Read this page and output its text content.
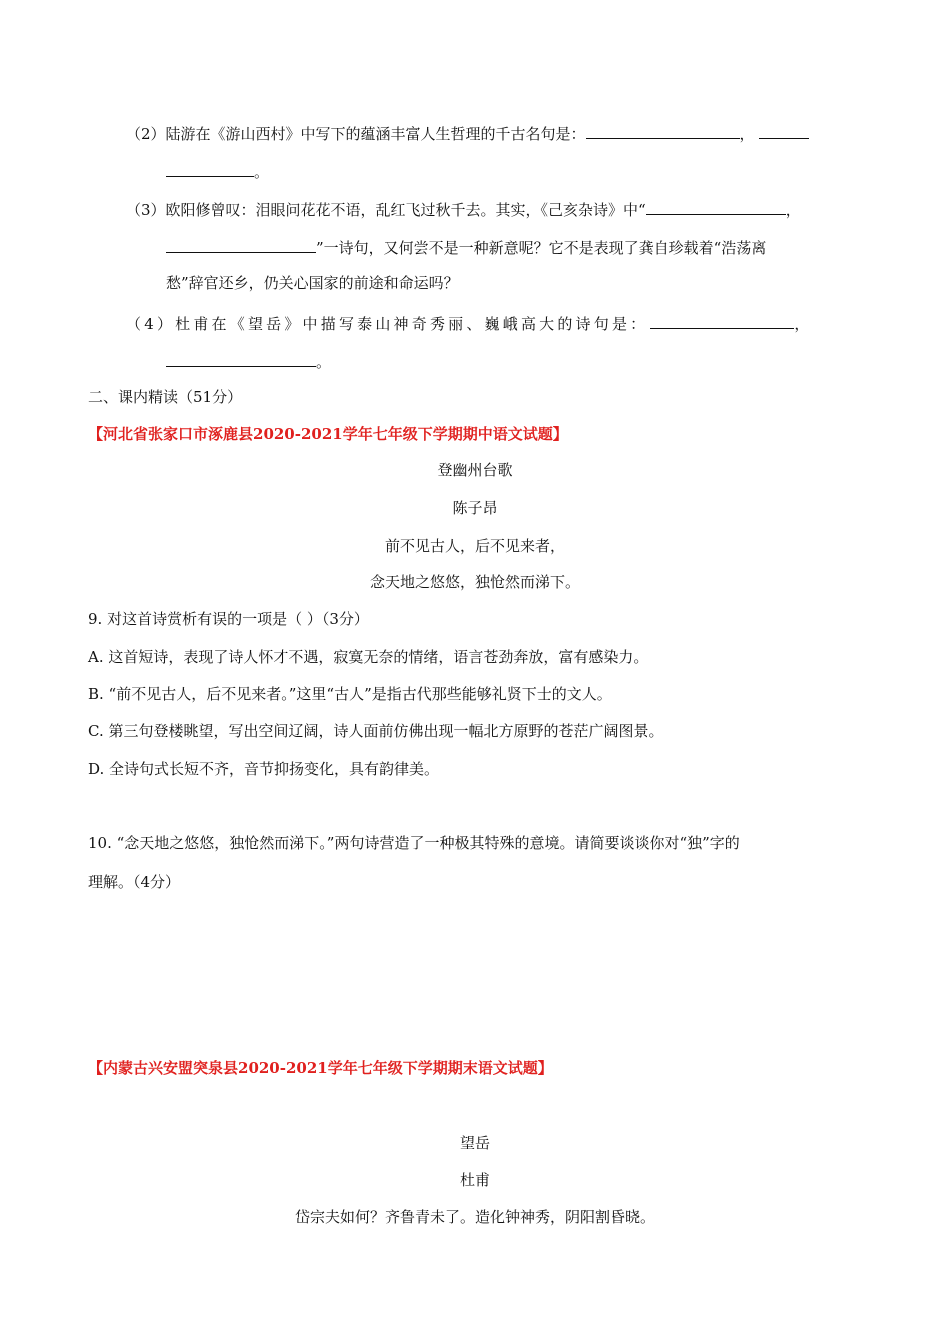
（2）陆游在《游山西村》中写下的蕴涵丰富人生哲理的千古名句是：	，
。
（3）欧阳修曾叹：泪眼问花花不语，乱红飞过秋千去。其实，《己亥杂诗》中“	，
”一诗句，又何尝不是一种新意呢？它不是表现了龚自珍载着“浩荡离
愁”辞官还乡，仍关心国家的前途和命运吗？
（4）杜甫在《望岳》中描写泰山神奇秀丽、巍峨高大的诗句是：	，
。
二、课内精读（51分）
【河北省张家口市涿鹿县2020-2021学年七年级下学期期中语文试题】
登幽州台歌
陈子昂
前不见古人，后不见来者，
念天地之悠悠，独怆然而涕下。
9. 对这首诗赏析有误的一项是（ ）（3分）
A. 这首短诗，表现了诗人怀才不遇，寂寞无奈的情绪，语言苍劲奔放，富有感染力。
B. “前不见古人，后不见来者。”这里“古人”是指古代那些能够礼贤下士的文人。
C. 第三句登楼眺望，写出空间辽阔，诗人面前仿佛出现一幅北方原野的苍茫广阔图景。
D. 全诗句式长短不齐，音节抑扬变化，具有韵律美。
10. “念天地之悠悠，独怆然而涕下。”两句诗营造了一种极其特殊的意境。请简要谈谈你对“独”字的
理解。（4分）
【内蒙古兴安盟突泉县2020-2021学年七年级下学期期末语文试题】
望岳
杜甫
岱宗夫如何？齐鲁青未了。造化钟神秀，阴阳割昏晓。
